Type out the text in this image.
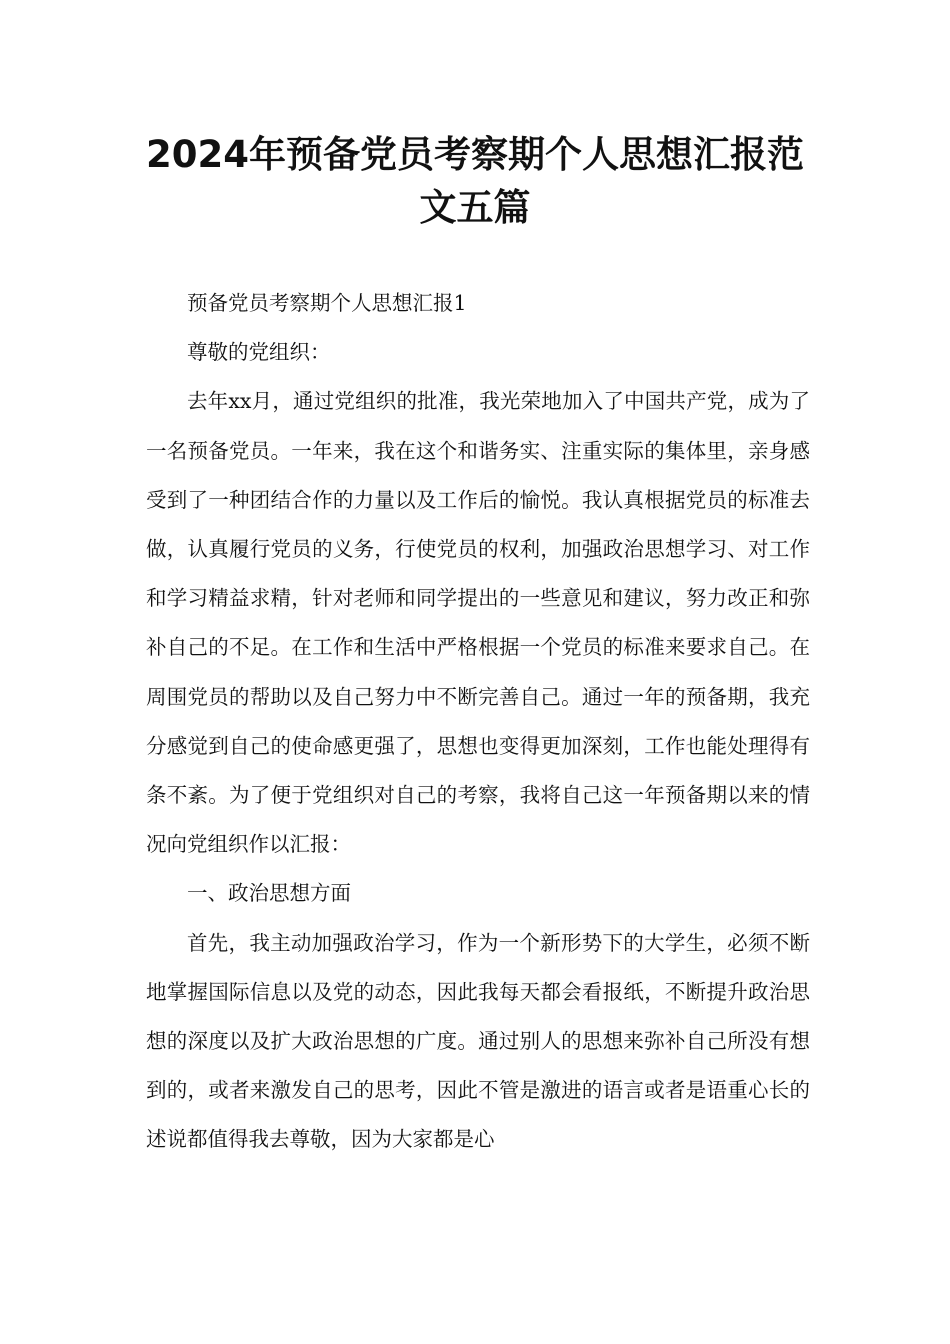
2024年预备党员考察期个人思想汇报范
文五篇

预备党员考察期个人思想汇报1

尊敬的党组织：

去年xx月，通过党组织的批准，我光荣地加入了中国共产党，成为了一名预备党员。一年来，我在这个和谐务实、注重实际的集体里，亲身感受到了一种团结合作的力量以及工作后的愉悦。我认真根据党员的标准去做，认真履行党员的义务，行使党员的权利，加强政治思想学习、对工作和学习精益求精，针对老师和同学提出的一些意见和建议，努力改正和弥补自己的不足。在工作和生活中严格根据一个党员的标准来要求自己。在周围党员的帮助以及自己努力中不断完善自己。通过一年的预备期，我充分感觉到自己的使命感更强了，思想也变得更加深刻，工作也能处理得有条不紊。为了便于党组织对自己的考察，我将自己这一年预备期以来的情况向党组织作以汇报：

一、政治思想方面

首先，我主动加强政治学习，作为一个新形势下的大学生，必须不断地掌握国际信息以及党的动态，因此我每天都会看报纸，不断提升政治思想的深度以及扩大政治思想的广度。通过别人的思想来弥补自己所没有想到的，或者来激发自己的思考，因此不管是激进的语言或者是语重心长的述说都值得我去尊敬，因为大家都是心
